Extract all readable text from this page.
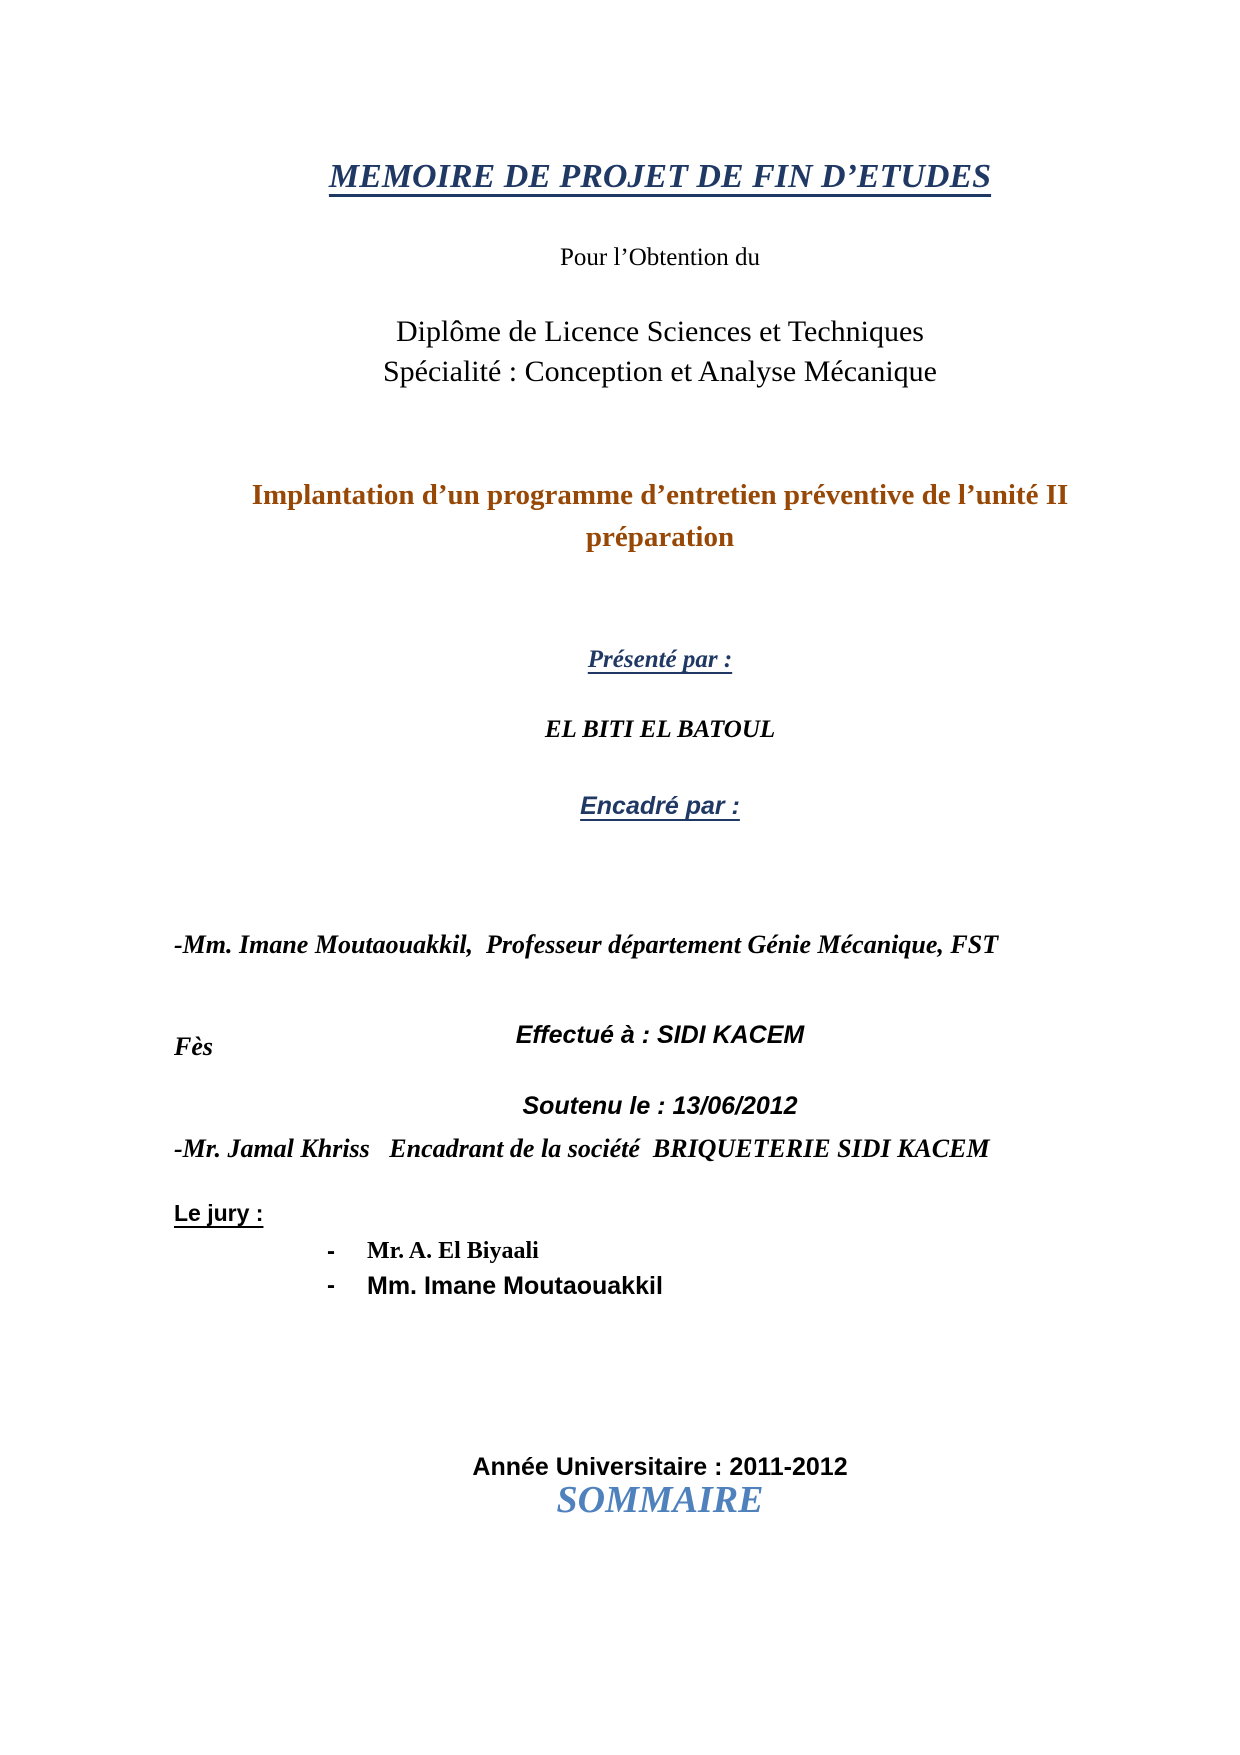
MEMOIRE DE PROJET DE FIN D’ETUDES
Pour l’Obtention du
Diplôme de Licence Sciences et Techniques
Spécialité : Conception et Analyse Mécanique
Implantation d’un programme d’entretien préventive de l’unité II
préparation
Présenté par :
EL BITI EL BATOUL
Encadré par :

-Mm. Imane Moutaouakkil,  Professeur département Génie Mécanique, FST

Fès

-Mr. Jamal Khriss   Encadrant de la société  BRIQUETERIE SIDI KACEM

Effectué à : SIDI KACEM
Soutenu le : 13/06/2012
Le jury :
-	Mr. A. El Biyaali
-	Mm. Imane Moutaouakkil
Année Universitaire : 2011-2012
SOMMAIRE
